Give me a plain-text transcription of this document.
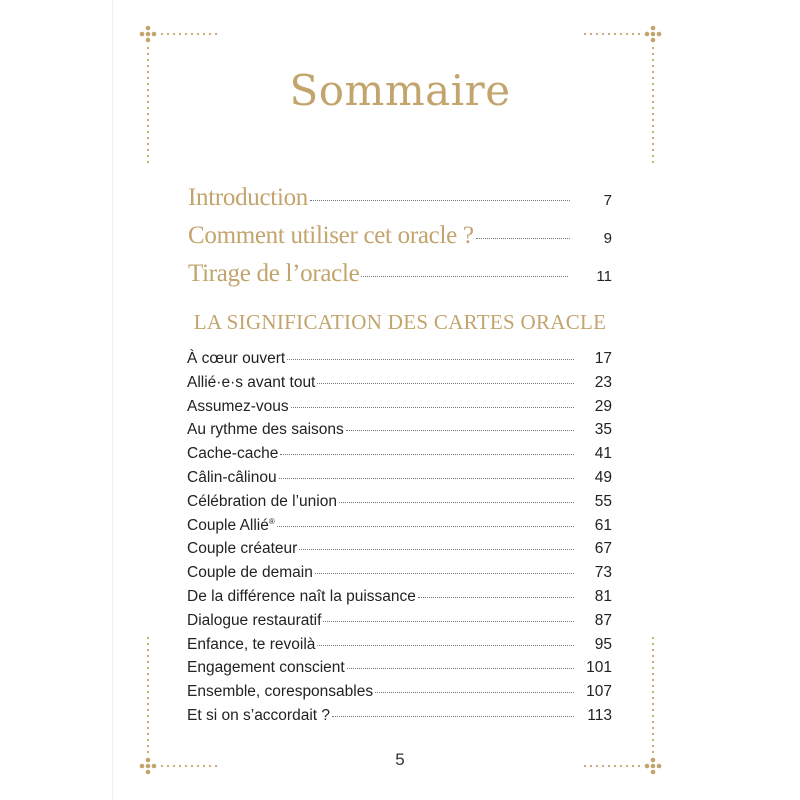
Sommaire
Introduction	7
Comment utiliser cet oracle ?	9
Tirage de l’oracle	11
LA SIGNIFICATION DES CARTES ORACLE
À cœur ouvert	17
Allié·e·s avant tout	23
Assumez-vous	29
Au rythme des saisons	35
Cache-cache	41
Câlin-câlinou	49
Célébration de l’union	55
Couple Allié®	61
Couple créateur	67
Couple de demain	73
De la différence naît la puissance	81
Dialogue restauratif	87
Enfance, te revoilà	95
Engagement conscient	101
Ensemble, coresponsables	107
Et si on s’accordait ?	113
5
